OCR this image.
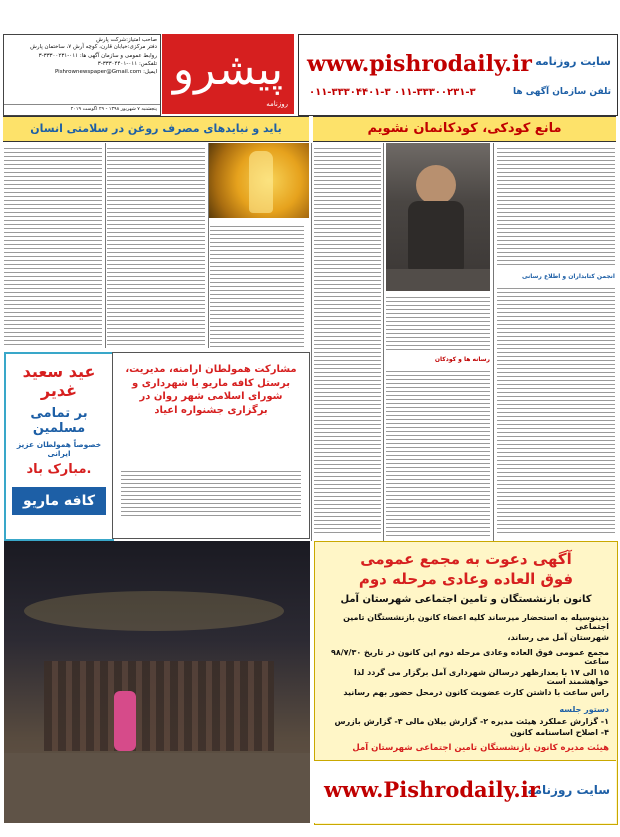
صاحب امتیاز:شرکت پارش
دفتر مرکزی:خیابان قارن، کوچه آرش ۷، ساختمان پارش
روابط عمومی و سازمان آگهی ها: ۰۱۱-۳۳۳۰۰۲۳۱-۳
تلفکس: ۰۱۱-۳۳۳۰۴۴۰۱-۳
ایمیل: Pishrownewspaper@Gmail.com
پنجشنبه ۷ شهریور ۱۳۹۸ - ۲۹ اگوست ۲۰۱۹
پیشرو
روزنامه
سایت روزنامه
www.pishrodaily.ir
تلفن سازمان آگهی ها
۰۱۱-۳۳۳۰۴۴۰۱-۳ ۰۱۱-۳۳۳۰۰۲۳۱-۳
مانع کودکی، کودکانمان نشویم
باید و نبایدهای مصرف روغن در سلامتی انسان
انجمن کتابداران و اطلاع رسانی
رسانه ها و کودکان
عید سعید غدیر
بر تمامی مسلمین
خصوصاً همولطان عزیز ایرانی
مبارک باد.
کافه ماریو
مشارکت همولطان ارامنه، مدیریت، برستل کافه ماریو با شهرداری و شورای اسلامی شهر روان در برگزاری جشنواره اعیاد
آگهی دعوت به مجمع عمومی
فوق العاده وعادی مرحله دوم
کانون بازنشستگان و تامین اجتماعی شهرستان آمل
بدینوسیله به استحضار میرساند کلیه اعضاء کانون بازنشستگان تامین اجتماعی
شهرستان آمل می رساند،
مجمع عمومی فوق العاده وعادی مرحله دوم این کانون در تاریخ ۹۸/۷/۳۰ ساعت
۱۵ الی ۱۷ با بعدازظهر درسالن شهرداری آمل برگزار می گردد لذا خواهشمند است
راس ساعت با داشتن کارت عضویت کانون درمحل حضور بهم رسانید
دستور جلسه
۱- گزارش عملکرد هیئت مدیره ۲- گزارش بیلان مالی ۳- گزارش بازرس
۴- اصلاح اساسنامه کانون
هیئت مدیره کانون بازنشستگان تامین اجتماعی شهرستان آمل
سایت روزنامه
www.Pishrodaily.ir
